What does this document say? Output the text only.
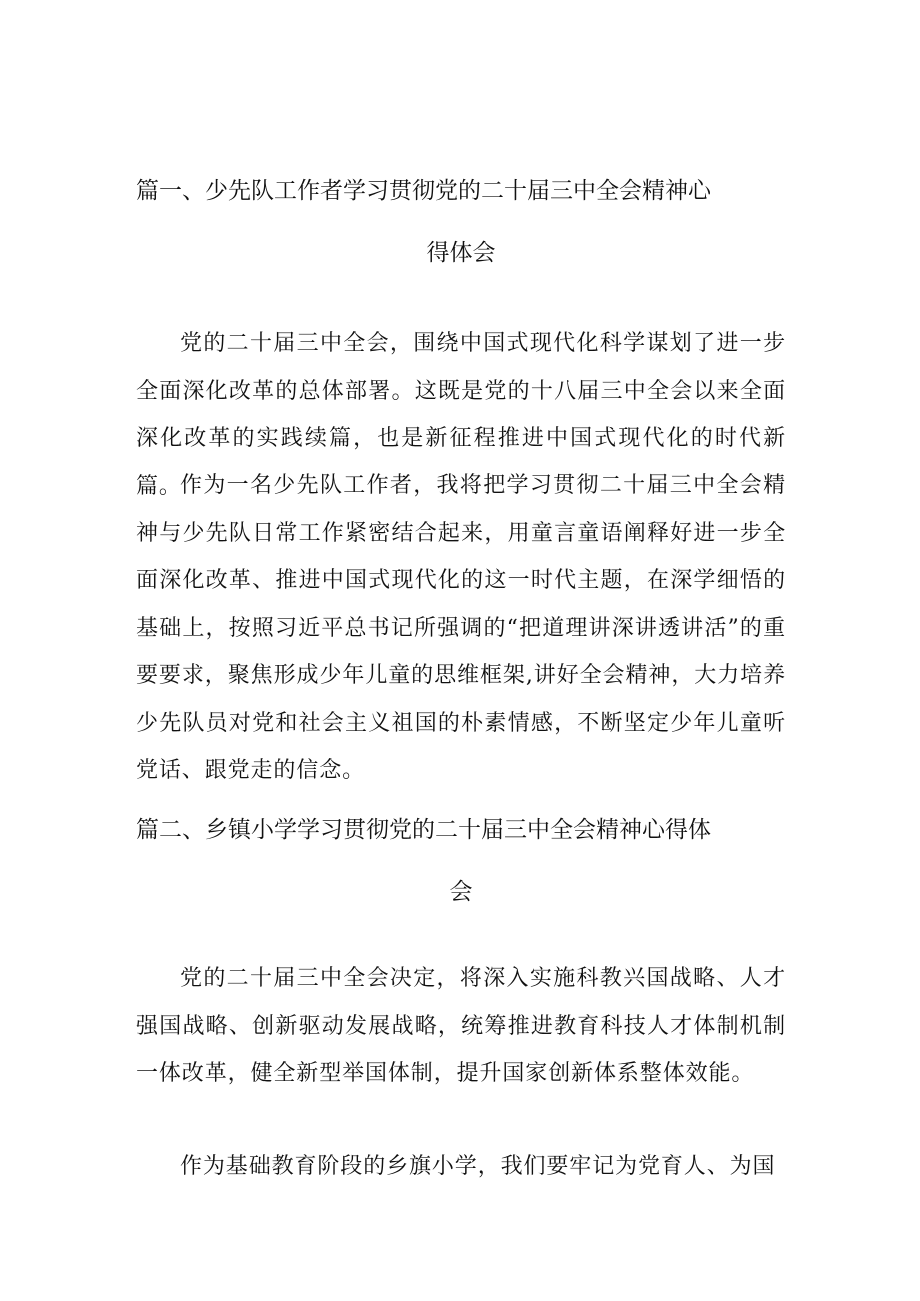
篇一、少先队工作者学习贯彻党的二十届三中全会精神心
得体会

党的二十届三中全会，围绕中国式现代化科学谋划了进一步全面深化改革的总体部署。这既是党的十八届三中全会以来全面深化改革的实践续篇，也是新征程推进中国式现代化的时代新篇。

作为一名少先队工作者，我将把学习贯彻二十届三中全会精神与少先队日常工作紧密结合起来，用童言童语阐释好进一步全面深化改革、推进中国式现代化的这一时代主题，在深学细悟的基础上，按照习近平总书记所强调的“把道理讲深讲透讲活”的重要要求，聚焦形成少年儿童的思维框架,讲好全会精神，大力培养少先队员对党和社会主义祖国的朴素情感，不断坚定少年儿童听党话、跟党走的信念。

篇二、乡镇小学学习贯彻党的二十届三中全会精神心得体
会

党的二十届三中全会决定，将深入实施科教兴国战略、人才强国战略、创新驱动发展战略，统筹推进教育科技人才体制机制一体改革，健全新型举国体制，提升国家创新体系整体效能。

作为基础教育阶段的乡旗小学，我们要牢记为党育人、为国
